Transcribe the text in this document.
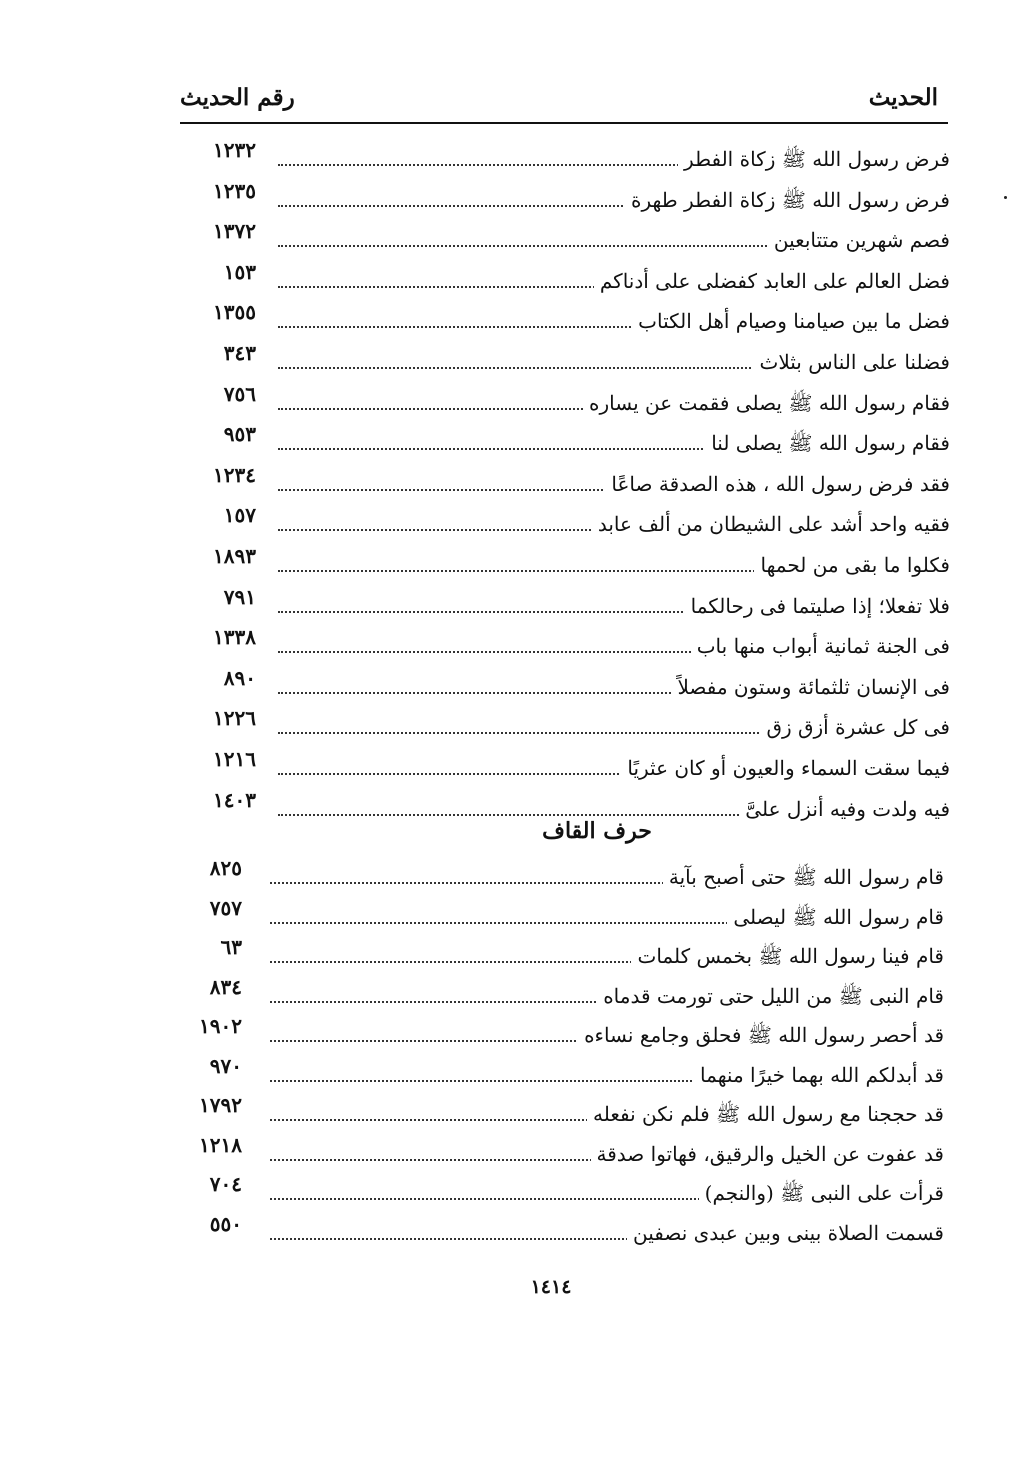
الحديث
رقم الحديث
فرض رسول الله ﷺ زكاة الفطر
١٢٣٢
فرض رسول الله ﷺ زكاة الفطر طهرة
١٢٣٥
فصم شهرين متتابعين
١٣٧٢
فضل العالم على العابد كفضلى على أدناكم
١٥٣
فضل ما بين صيامنا وصيام أهل الكتاب
١٣٥٥
فضلنا على الناس بثلاث
٣٤٣
فقام رسول الله ﷺ يصلى فقمت عن يساره
٧٥٦
فقام رسول الله ﷺ يصلى لنا
٩٥٣
فقد فرض رسول الله ، هذه الصدقة صاعًا
١٢٣٤
فقيه واحد أشد على الشيطان من ألف عابد
١٥٧
فكلوا ما بقى من لحمها
١٨٩٣
فلا تفعلا؛ إذا صليتما فى رحالكما
٧٩١
فى الجنة ثمانية أبواب منها باب
١٣٣٨
فى الإنسان ثلثمائة وستون مفصلاً
٨٩٠
فى كل عشرة أزق زق
١٢٢٦
فيما سقت السماء والعيون أو كان عثريًا
١٢١٦
فيه ولدت وفيه أنزل علىَّ
١٤٠٣
حرف القاف
قام رسول الله ﷺ حتى أصبح بآية
٨٢٥
قام رسول الله ﷺ ليصلى
٧٥٧
قام فينا رسول الله ﷺ بخمس كلمات
٦٣
قام النبى ﷺ من الليل حتى تورمت قدماه
٨٣٤
قد أحصر رسول الله ﷺ فحلق وجامع نساءه
١٩٠٢
قد أبدلكم الله بهما خيرًا منهما
٩٧٠
قد حججنا مع رسول الله ﷺ فلم نكن نفعله
١٧٩٢
قد عفوت عن الخيل والرقيق، فهاتوا صدقة
١٢١٨
قرأت على النبى ﷺ (والنجم)
٧٠٤
قسمت الصلاة بينى وبين عبدى نصفين
٥٥٠
١٤١٤
